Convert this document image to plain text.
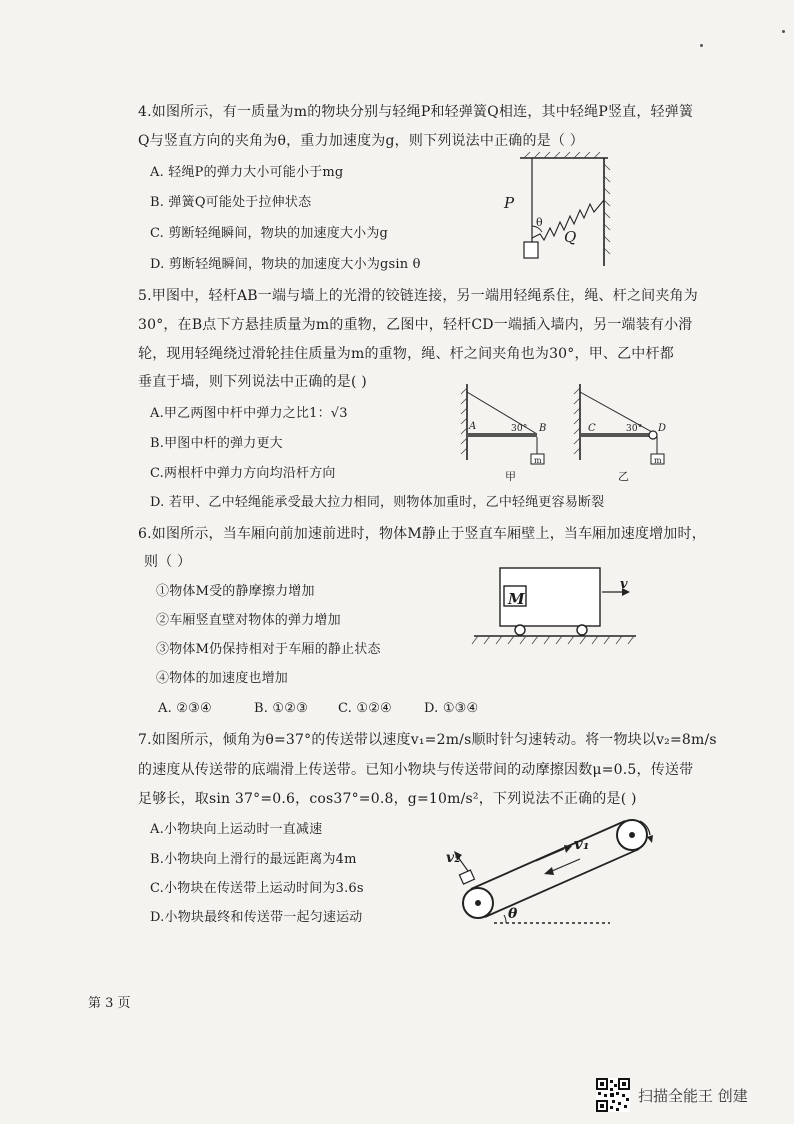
4.如图所示，有一质量为m的物块分别与轻绳P和轻弹簧Q相连，其中轻绳P竖直，轻弹簧
Q与竖直方向的夹角为θ，重力加速度为g，则下列说法中正确的是（ ）
A. 轻绳P的弹力大小可能小于mg
B. 弹簧Q可能处于拉伸状态
C. 剪断轻绳瞬间，物块的加速度大小为g
D. 剪断轻绳瞬间，物块的加速度大小为gsin θ
P
θ
Q
5.甲图中，轻杆AB一端与墙上的光滑的铰链连接，另一端用轻绳系住，绳、杆之间夹角为
30°，在B点下方悬挂质量为m的重物，乙图中，轻杆CD一端插入墙内，另一端装有小滑
轮，现用轻绳绕过滑轮挂住质量为m的重物，绳、杆之间夹角也为30°，甲、乙中杆都
垂直于墙，则下列说法中正确的是( )
A.甲乙两图中杆中弹力之比1：√3
B.甲图中杆的弹力更大
C.两根杆中弹力方向均沿杆方向
D. 若甲、乙中轻绳能承受最大拉力相同，则物体加重时，乙中轻绳更容易断裂
A	B
30°
m
甲
C	D
30°
m
乙
6.如图所示，当车厢向前加速前进时，物体M静止于竖直车厢壁上，当车厢加速度增加时，
则（ ）
①物体M受的静摩擦力增加
②车厢竖直壁对物体的弹力增加
③物体M仍保持相对于车厢的静止状态
④物体的加速度也增加
A. ②③④	B. ①②③ C. ①②④ D. ①③④
M
v
7.如图所示，倾角为θ=37°的传送带以速度v₁=2m/s顺时针匀速转动。将一物块以v₂=8m/s
的速度从传送带的底端滑上传送带。已知小物块与传送带间的动摩擦因数μ=0.5，传送带
足够长，取sin 37°=0.6，cos37°=0.8，g=10m/s²，下列说法不正确的是( )
A.小物块向上运动时一直减速
B.小物块向上滑行的最远距离为4m
C.小物块在传送带上运动时间为3.6s
D.小物块最终和传送带一起匀速运动
v₂
v₁
θ
第 3 页
扫描全能王 创建
